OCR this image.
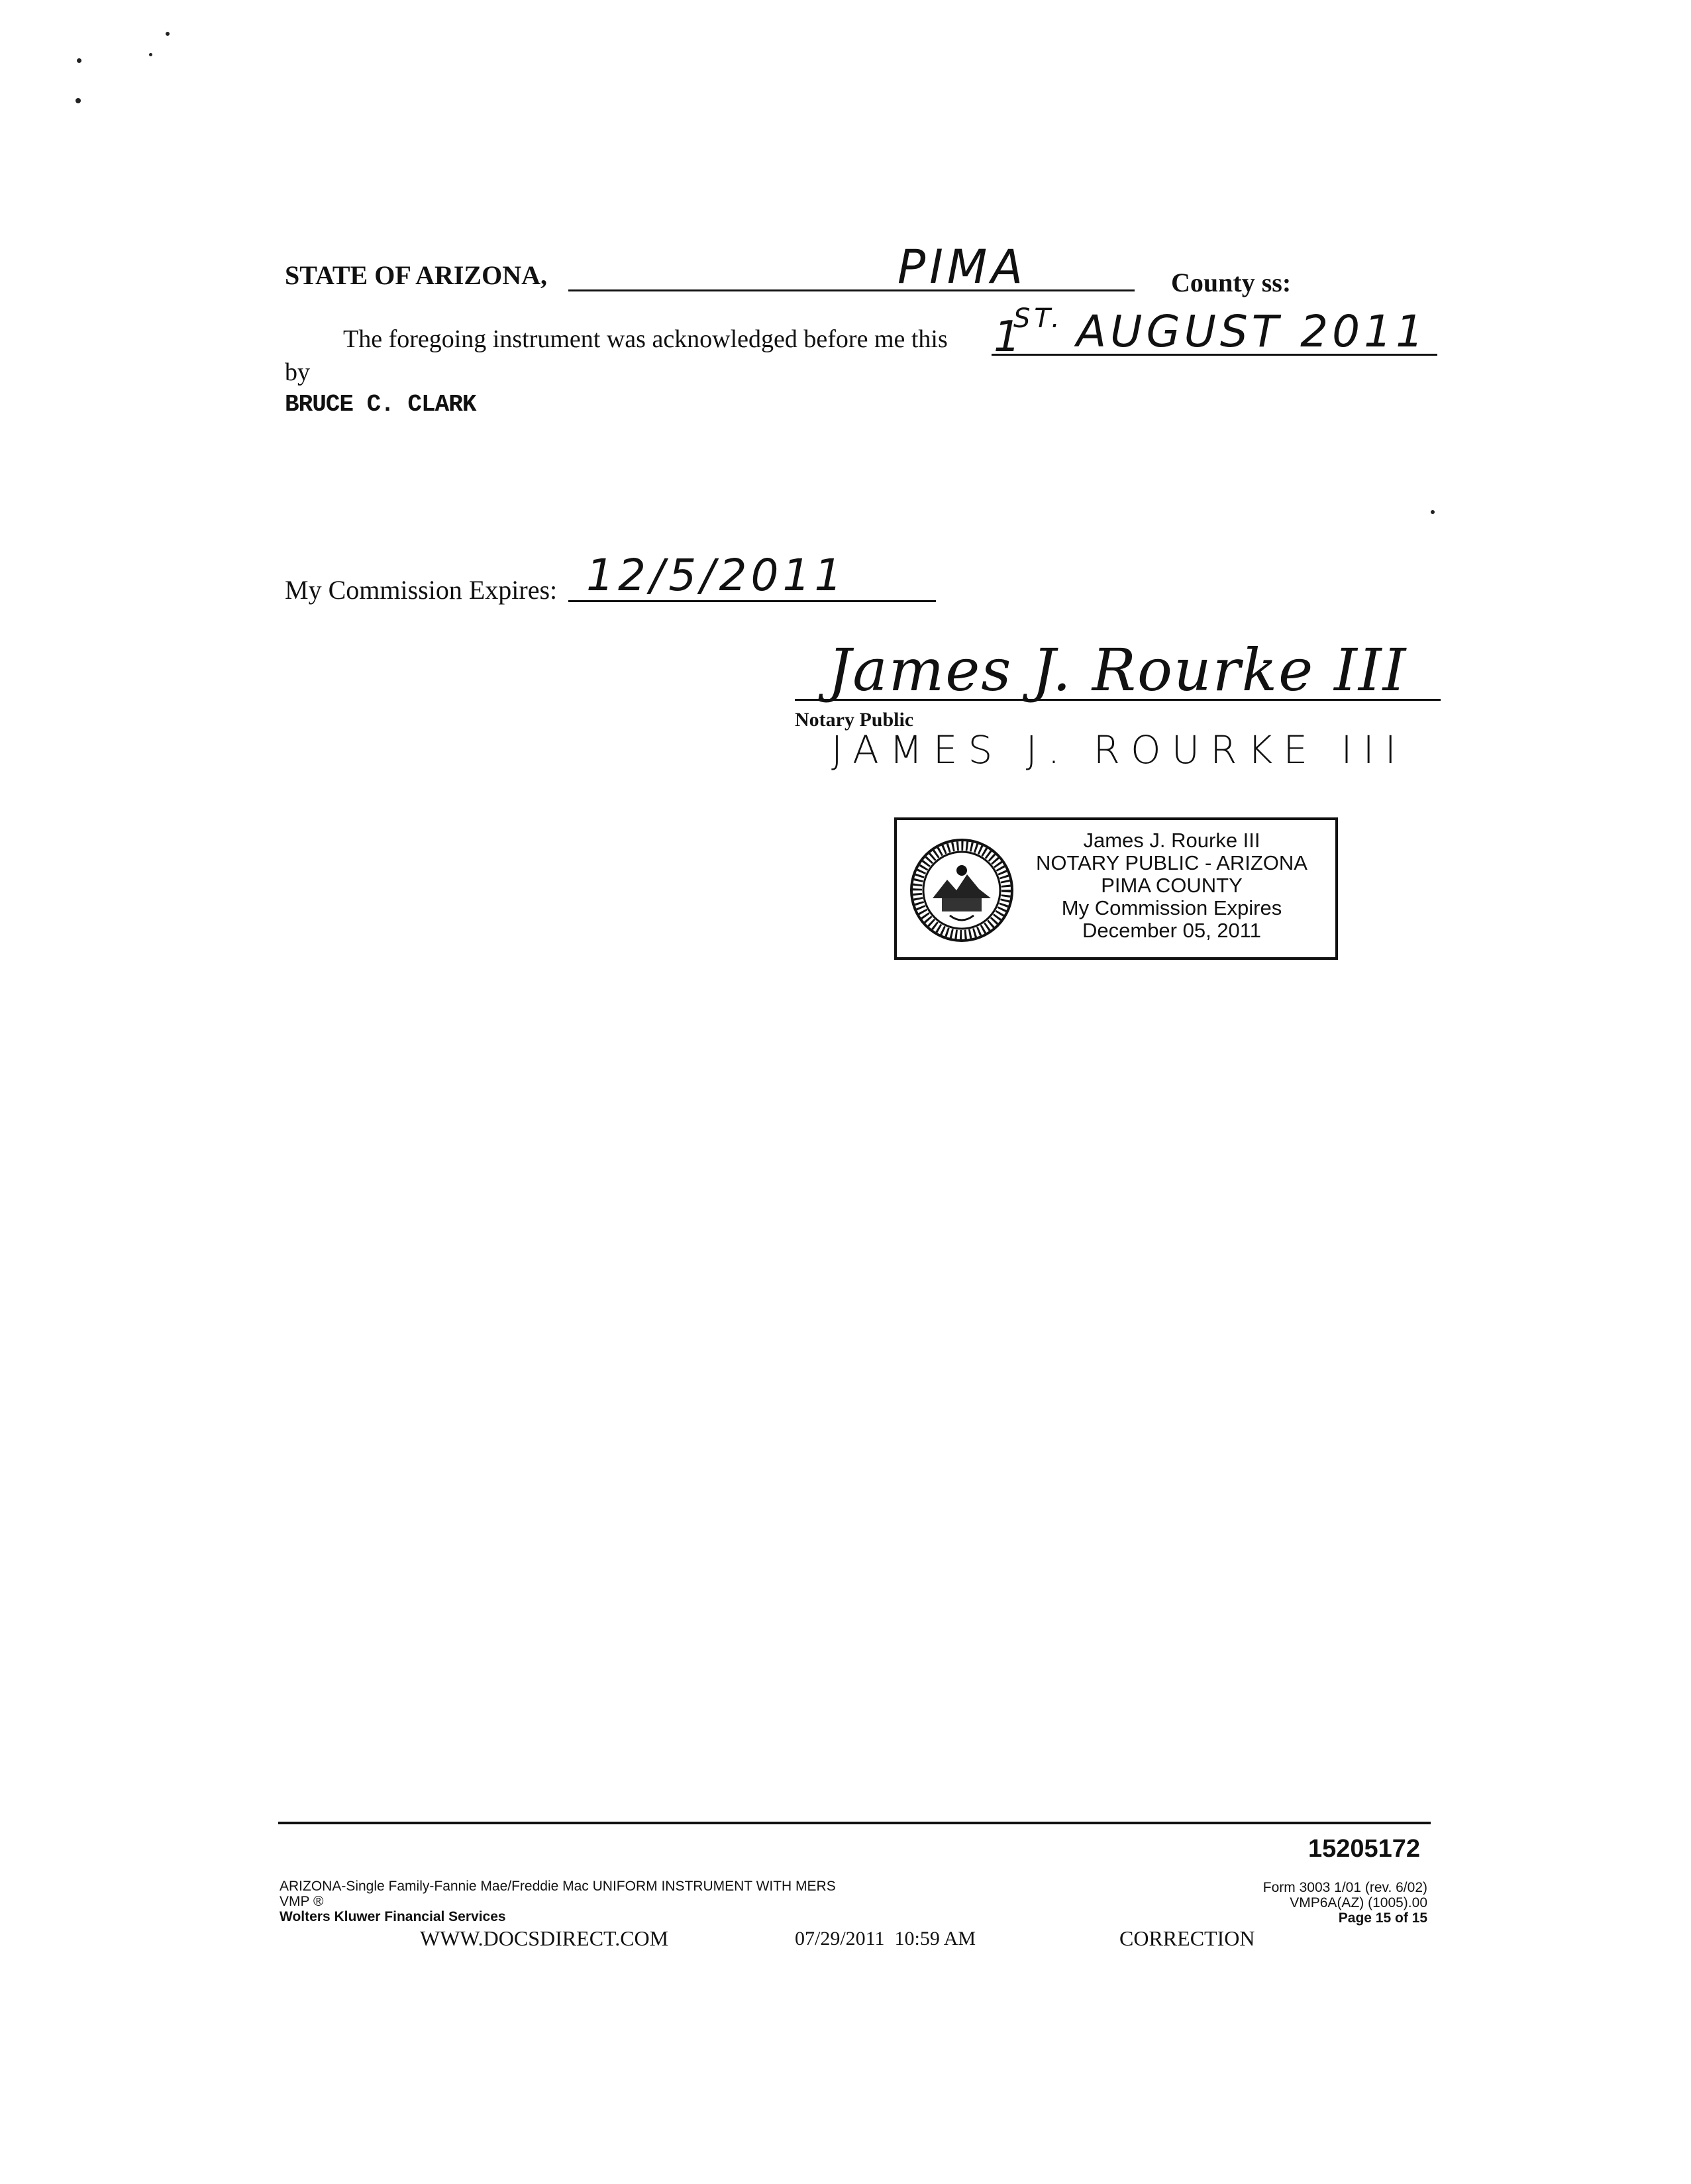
STATE OF ARIZONA,	PIMA	County ss:
The foregoing instrument was acknowledged before me this 1
ST. AUGUST 2011
by
BRUCE C. CLARK
My Commission Expires: 12/5/2011
James J. Rourke III
Notary Public
JAMES J. ROURKE III
James J. Rourke III
NOTARY PUBLIC - ARIZONA
PIMA COUNTY
My Commission Expires
December 05, 2011
15205172
ARIZONA-Single Family-Fannie Mae/Freddie Mac UNIFORM INSTRUMENT WITH MERS
VMP ®
Wolters Kluwer Financial Services
Form 3003 1/01 (rev. 6/02)
VMP6A(AZ) (1005).00
Page 15 of 15
WWW.DOCSDIRECT.COM	07/29/2011  10:59 AM	CORRECTION
